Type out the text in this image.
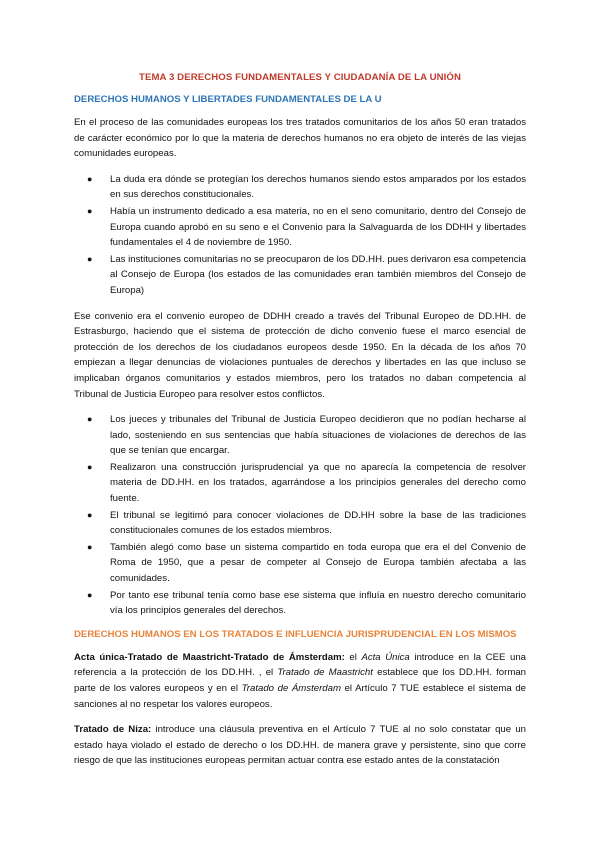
TEMA 3 DERECHOS FUNDAMENTALES Y CIUDADANÍA DE LA UNIÓN
DERECHOS HUMANOS Y LIBERTADES FUNDAMENTALES DE LA U

En el proceso de las comunidades europeas los tres tratados comunitarios de los años 50 eran tratados de carácter económico por lo que la materia de derechos humanos no era objeto de interés de las viejas comunidades europeas.

● La duda era dónde se protegían los derechos humanos siendo estos amparados por los estados en sus derechos constitucionales.
● Había un instrumento dedicado a esa materia, no en el seno comunitario, dentro del Consejo de Europa cuando aprobó en su seno e el Convenio para la Salvaguarda de los DDHH y libertades fundamentales el 4 de noviembre de 1950.
● Las instituciones comunitarias no se preocuparon de los DD.HH. pues derivaron esa competencia al Consejo de Europa (los estados de las comunidades eran también miembros del Consejo de Europa)

Ese convenio era el convenio europeo de DDHH creado a través del Tribunal Europeo de DD.HH. de Estrasburgo, haciendo que el sistema de protección de dicho convenio fuese el marco esencial de protección de los derechos de los ciudadanos europeos desde 1950. En la década de los años 70 empiezan a llegar denuncias de violaciones puntuales de derechos y libertades en las que incluso se implicaban órganos comunitarios y estados miembros, pero los tratados no daban competencia al Tribunal de Justicia Europeo para resolver estos conflictos.

● Los jueces y tribunales del Tribunal de Justicia Europeo decidieron que no podían hecharse al lado, sosteniendo en sus sentencias que había situaciones de violaciones de derechos de las que se tenían que encargar.
● Realizaron una construcción jurisprudencial ya que no aparecía la competencia de resolver materia de DD.HH. en los tratados, agarrándose a los principios generales del derecho como fuente.
● El tribunal se legitimó para conocer violaciones de DD.HH sobre la base de las tradiciones constitucionales comunes de los estados miembros.
● También alegó como base un sistema compartido en toda europa que era el del Convenio de Roma de 1950, que a pesar de competer al Consejo de Europa también afectaba a las comunidades.
● Por tanto ese tribunal tenía como base ese sistema que influía en nuestro derecho comunitario vía los principios generales del derechos.
DERECHOS HUMANOS EN LOS TRATADOS E INFLUENCIA JURISPRUDENCIAL EN LOS MISMOS

Acta única-Tratado de Maastricht-Tratado de Ámsterdam: el Acta Única introduce en la CEE una referencia a la protección de los DD.HH. , el Tratado de Maastricht establece que los DD.HH. forman parte de los valores europeos y en el Tratado de Ámsterdam el Artículo 7 TUE establece el sistema de sanciones al no respetar los valores europeos.

Tratado de Niza: introduce una cláusula preventiva en el Artículo 7 TUE al no solo constatar que un estado haya violado el estado de derecho o los DD.HH. de manera grave y persistente, sino que corre riesgo de que las instituciones europeas permitan actuar contra ese estado antes de la constatación
